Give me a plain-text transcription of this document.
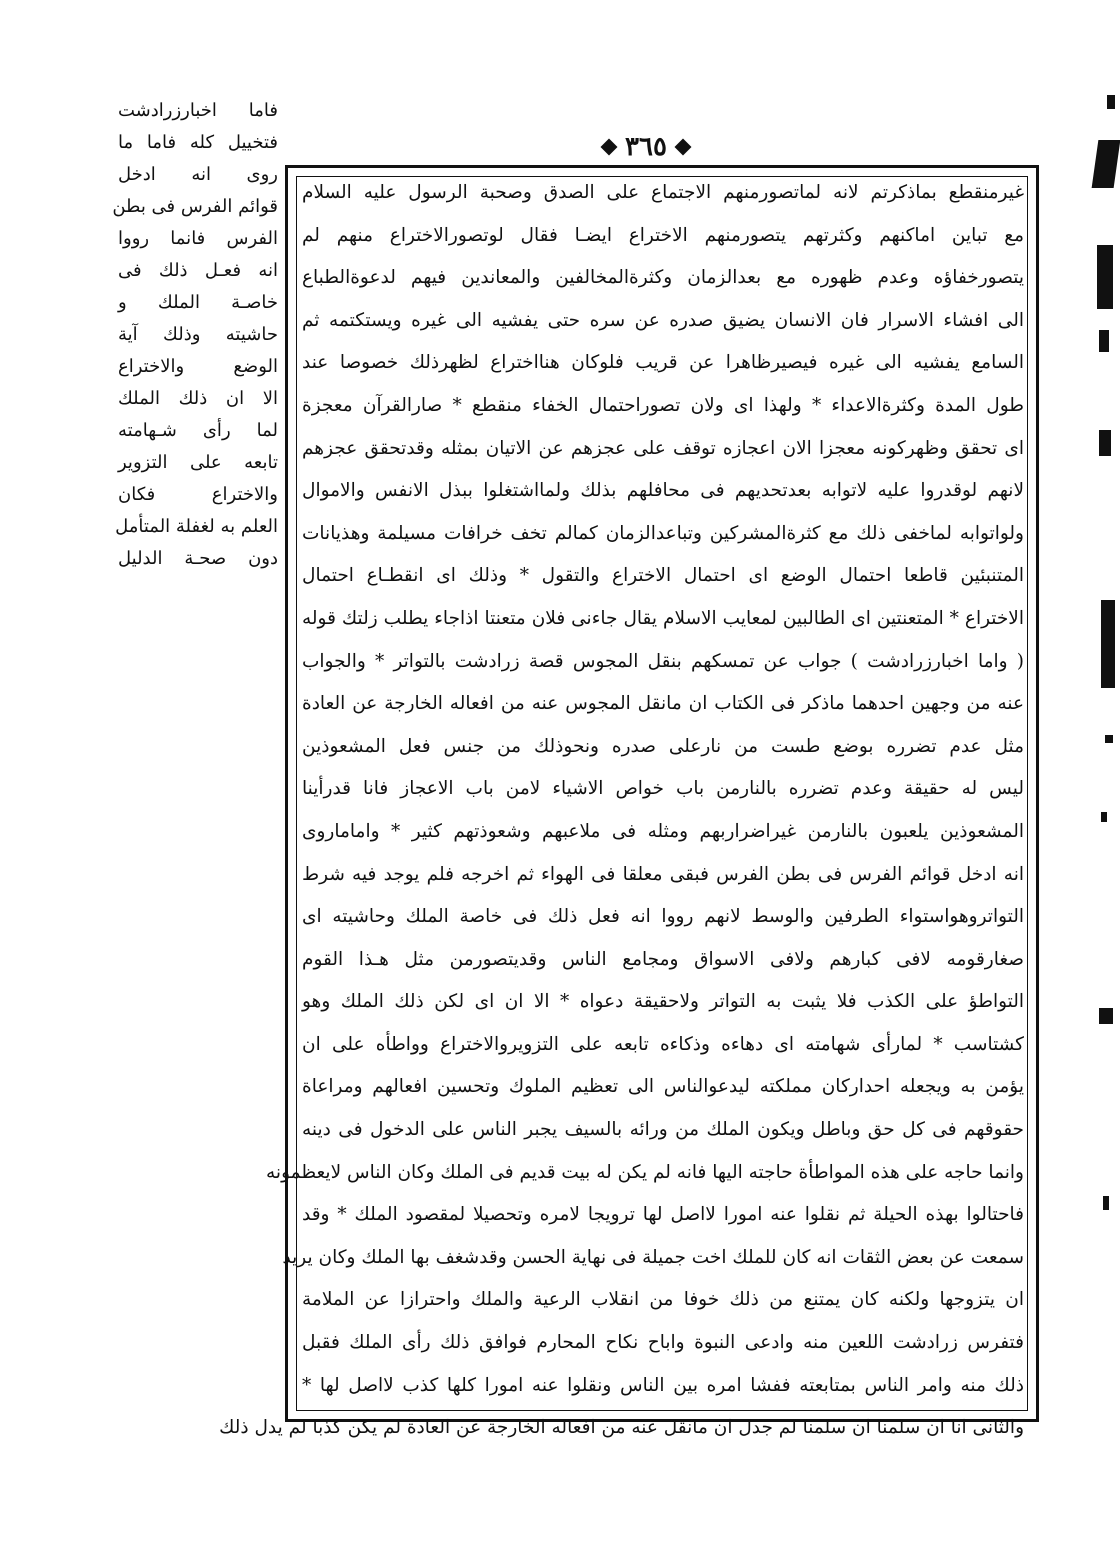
٣٦٥
غيرمنقطع بماذكرتم لانه لماتصورمنهم الاجتماع على الصدق وصحبة الرسول عليه السلام
مع تباين اماكنهم وكثرتهم يتصورمنهم الاختراع ايضـا فقال لوتصورالاختراع منهم لم
يتصورخفاؤه وعدم ظهوره مع بعدالزمان وكثرةالمخالفين والمعاندين فيهم لدعوةالطباع
الى افشاء الاسرار فان الانسان يضيق صدره عن سره حتى يفشيه الى غيره ويستكتمه ثم
السامع يفشيه الى غيره فيصيرظاهرا عن قريب فلوكان هنااختراع لظهرذلك خصوصا عند
طول المدة وكثرةالاعداء * ولهذا اى ولان تصوراحتمال الخفاء منقطع * صارالقرآن معجزة
اى تحقق وظهركونه معجزا الان اعجازه توقف على عجزهم عن الاتيان بمثله وقدتحقق عجزهم
لانهم لوقدروا عليه لاتوابه بعدتحديهم فى محافلهم بذلك ولمااشتغلوا ببذل الانفس والاموال
ولواتوابه لماخفى ذلك مع كثرةالمشركين وتباعدالزمان كمالم تخف خرافات مسيلمة وهذيانات
المتنبئين قاطعا احتمال الوضع اى احتمال الاختراع والتقول * وذلك اى انقطـاع احتمال
الاختراع * المتعنتين اى الطالبين لمعايب الاسلام يقال جاءنى فلان متعنتا اذاجاء يطلب زلتك قوله
( واما اخبارزرادشت ) جواب عن تمسكهم بنقل المجوس قصة زرادشت بالتواتر * والجواب
عنه من وجهين احدهما ماذكر فى الكتاب ان مانقل المجوس عنه من افعاله الخارجة عن العادة
مثل عدم تضرره بوضع طست من نارعلى صدره ونحوذلك من جنس فعل المشعوذين
ليس له حقيقة وعدم تضرره بالنارمن باب خواص الاشياء لامن باب الاعجاز فانا قدرأينا
المشعوذين يلعبون بالنارمن غيراضراربهم ومثله فى ملاعبهم وشعوذتهم كثير * واماماروى
انه ادخل قوائم الفرس فى بطن الفرس فبقى معلقا فى الهواء ثم اخرجه فلم يوجد فيه شرط
التواتروهواستواء الطرفين والوسط لانهم رووا انه فعل ذلك فى خاصة الملك وحاشيته اى
صغارقومه لافى كبارهم ولافى الاسواق ومجامع الناس وقديتصورمن مثل هـذا القوم
التواطؤ على الكذب فلا يثبت به التواتر ولاحقيقة دعواه * الا ان اى لكن ذلك الملك وهو
كشتاسب * لمارأى شهامته اى دهاءه وذكاءه تابعه على التزويروالاختراع وواطأه على ان
يؤمن به ويجعله احداركان مملكته ليدعوالناس الى تعظيم الملوك وتحسين افعالهم ومراعاة
حقوقهم فى كل حق وباطل ويكون الملك من ورائه بالسيف يجبر الناس على الدخول فى دينه
وانما حاجه على هذه المواطأة حاجته اليها فانه لم يكن له بيت قديم فى الملك وكان الناس لايعظمونه
فاحتالوا بهذه الحيلة ثم نقلوا عنه امورا لااصل لها ترويجا لامره وتحصيلا لمقصود الملك * وقد
سمعت عن بعض الثقات انه كان للملك اخت جميلة فى نهاية الحسن وقدشغف بها الملك وكان يريد
ان يتزوجها ولكنه كان يمتنع من ذلك خوفا من انقلاب الرعية والملك واحترازا عن الملامة
فتفرس زرادشت اللعين منه وادعى النبوة واباح نكاح المحارم فوافق ذلك رأى الملك فقبل
ذلك منه وامر الناس بمتابعته ففشا امره بين الناس ونقلوا عنه امورا كلها كذب لااصل لها *
والثانى انا ان سلمنا ان سلمنا لم جدل ان مانقل عنه من افعاله الخارجة عن العادة لم يكن كذبا لم يدل ذلك
فاما اخبارزرادشت
فتخييل كله فاما ما
روى انه ادخل
قوائم الفرس فى بطن
الفرس فانما رووا
انه فعـل ذلك فى
خاصـة الملك و
حاشيته وذلك آية
الوضع والاختراع
الا ان ذلك الملك
لما رأى شـهامته
تابعه على التزوير
والاختراع فكان
العلم به لغفلة المتأمل
دون صحـة الدليل
